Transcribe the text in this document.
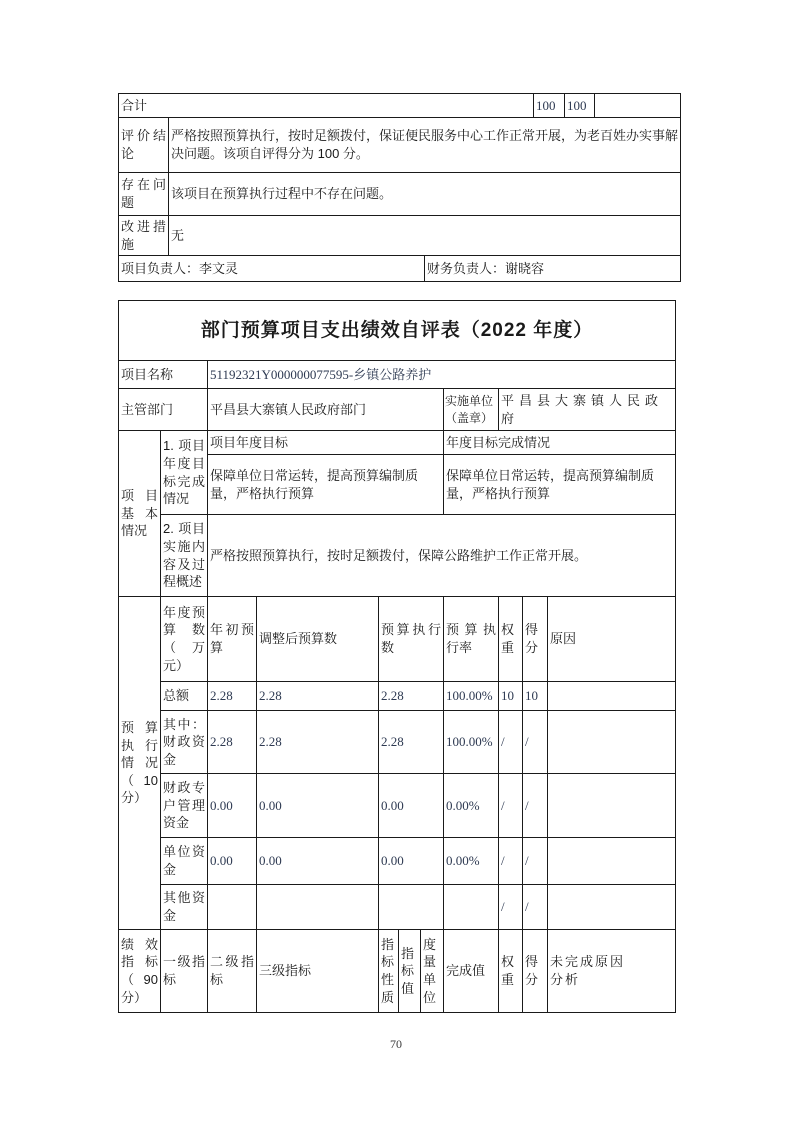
合计			100	100	
评价结论	严格按照预算执行，按时足额拨付，保证便民服务中心工作正常开展，为老百姓办实事解决问题。该项自评得分为 100 分。				
存在问题	该项目在预算执行过程中不存在问题。				
改进措施	无				
项目负责人：李文灵		财务负责人：谢晓容			
部门预算项目支出绩效自评表（2022 年度）										
项目名称		51192321Y000000077595-乡镇公路养护								
主管部门		平昌县大寨镇人民政府部门					实施单位（盖章）	平昌县大寨镇人民政府		
项目基本情况	1. 项目年度目标完成情况	项目年度目标					年度目标完成情况			
		保障单位日常运转，提高预算编制质量，严格执行预算					保障单位日常运转，提高预算编制质量，严格执行预算			
	2. 项目实施内容及过程概述	严格按照预算执行，按时足额拨付，保障公路维护工作正常开展。								
预算执行情况（ 10 分）	年度预算数（万元）	年初预算	调整后预算数	预算执行数			预算执行率	权重	得分	原因
	总额	2.28	2.28	2.28			100.00%	10	10	
	其中：财政资金	2.28	2.28	2.28			100.00%	/	/	
	财政专户管理资金	0.00	0.00	0.00			0.00%	/	/	
	单位资金	0.00	0.00	0.00			0.00%	/	/	
	其他资金							/	/	
绩效指标（90 分）	一级指标	二级指标	三级指标	指标性质	指标值	度量单位	完成值	权重	得分	未完成原因分析
70
